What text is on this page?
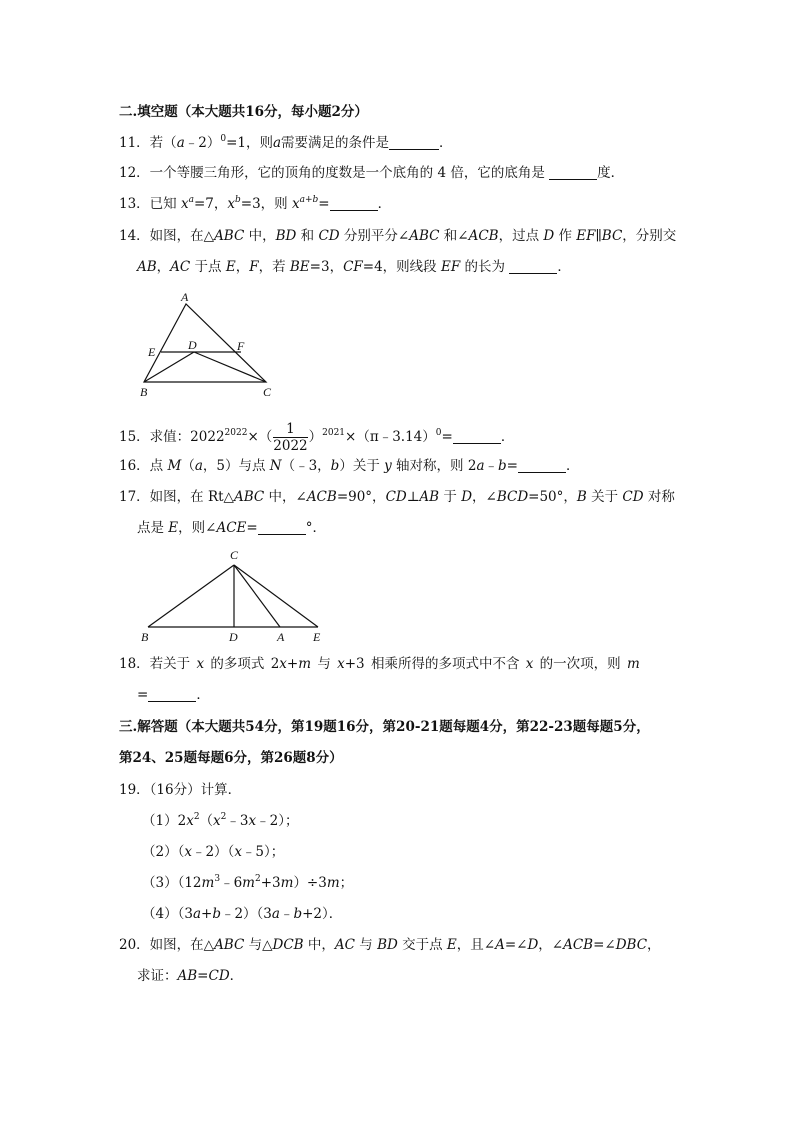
二.填空题（本大题共16分，每小题2分）
11．若（a﹣2）$^0$=1，则a需要满足的条件是	．
12．一个等腰三角形，它的顶角的度数是一个底角的 4 倍，它的底角是	度．
13．已知 $x^a=7$，$x^b=3$，则 $x^{a+b}=$	．
14．如图，在△ABC 中，BD 和 CD 分别平分∠ABC 和∠ACB，过点 D 作 EF∥BC，分别交
AB，AC 于点 E，F，若 BE=3，CF=4，则线段 EF 的长为	．
A
E	D	F
B	C
15．求值：$2022^{2022}\times( \frac{1}{2022}$ ）$^{2021}\times(\pi﹣3.14)^0=$	．
16．点 M（a，5）与点 N（﹣3，b）关于 y 轴对称，则 2a﹣b=	．
17．如图，在 Rt△ABC 中，∠ACB=90°，CD⊥AB 于 D，∠BCD=50°，B 关于 CD 对称
点是 E，则∠ACE=	°．
C
B	D	A E
18．若关于 x 的多项式 2x+m 与 x+3 相乘所得的多项式中不含 x 的一次项，则 m
=	．
三.解答题（本大题共54分，第19题16分，第20-21题每题4分，第22-23题每题5分，
第24、25题每题6分，第26题8分）
19．（16分）计算．
$(1)2x^2(x^2﹣3x﹣2)$；
（2）（x﹣2）（x﹣5）；
$(3)(12m^3﹣6m^2+3m)\div 3m$；
（4）（3a+b﹣2）（3a﹣b+2）．
20．如图，在△ABC 与△DCB 中，AC 与 BD 交于点 E，且∠A=∠D，∠ACB=∠DBC，
求证：AB=CD．
